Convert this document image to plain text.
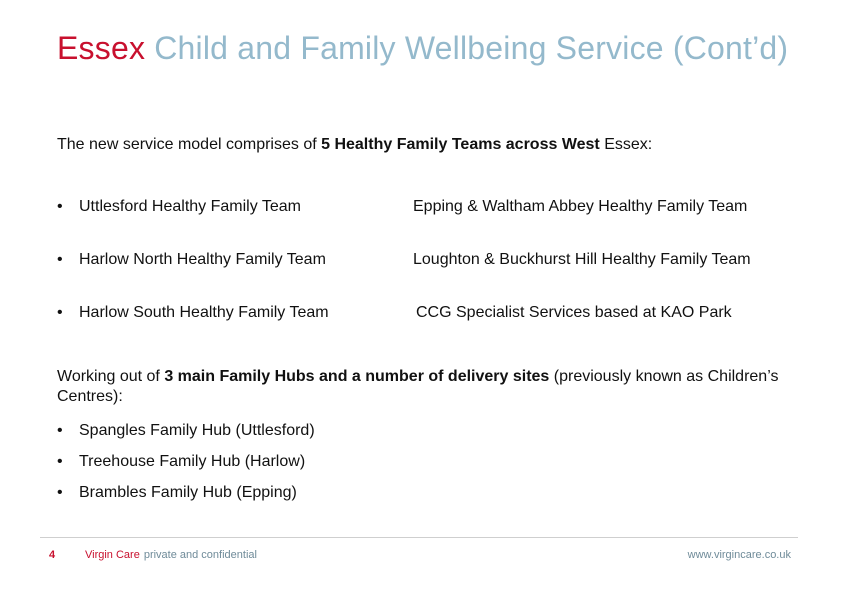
Essex Child and Family Wellbeing Service (Cont’d)
The new service model comprises of 5 Healthy Family Teams across West Essex:
• Uttlesford Healthy Family Team
• Harlow North Healthy Family Team
• Harlow South Healthy Family Team
Epping & Waltham Abbey Healthy Family Team
Loughton & Buckhurst Hill Healthy Family Team
CCG Specialist Services based at KAO Park
Working out of 3 main Family Hubs and a number of delivery sites (previously known as Children’s Centres):
• Spangles Family Hub (Uttlesford)
• Treehouse Family Hub (Harlow)
• Brambles Family Hub (Epping)
4	Virgin Care private and confidential	www.virgincare.co.uk
